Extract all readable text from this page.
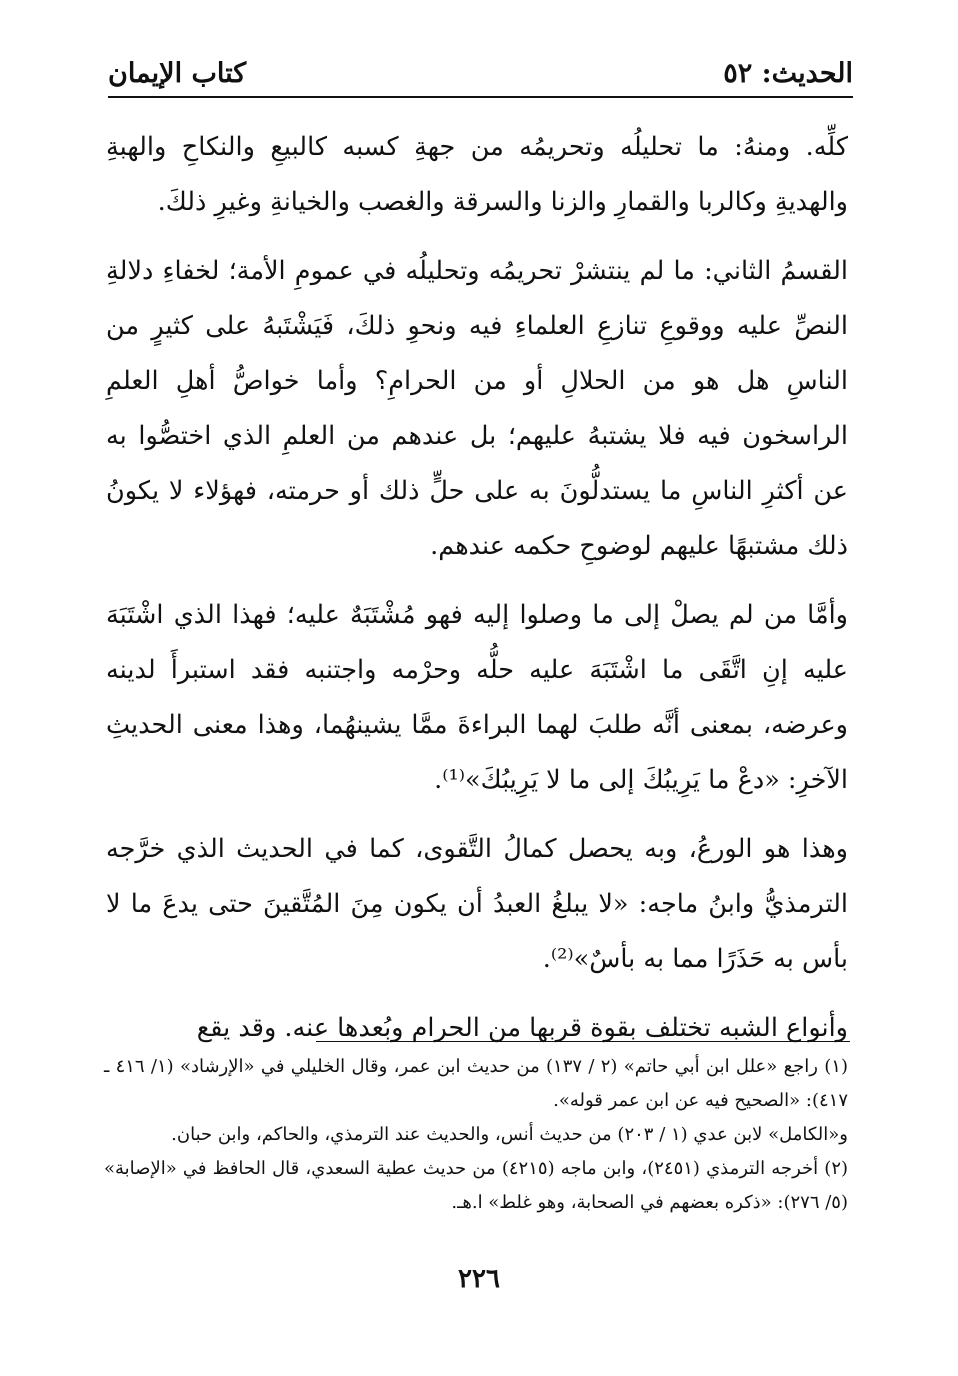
الحديث: ٥٢
كتاب الإيمان

كلِّه. ومنهُ: ما تحليلُه وتحريمُه من جهةِ كسبه كالبيعِ والنكاحِ والهبةِ والهديةِ وكالربا والقمارِ والزنا والسرقة والغصب والخيانةِ وغيرِ ذلكَ.

القسمُ الثاني: ما لم ينتشرْ تحريمُه وتحليلُه في عمومِ الأمة؛ لخفاءِ دلالةِ النصِّ عليه ووقوعِ تنازعِ العلماءِ فيه ونحوِ ذلكَ، فَيَشْتَبهُ على كثيرٍ من الناسِ هل هو من الحلالِ أو من الحرامِ؟ وأما خواصُّ أهلِ العلمِ الراسخون فيه فلا يشتبهُ عليهم؛ بل عندهم من العلمِ الذي اختصُّوا به عن أكثرِ الناسِ ما يستدلُّونَ به على حلٍّ ذلك أو حرمته، فهؤلاء لا يكونُ ذلك مشتبهًا عليهم لوضوحِ حكمه عندهم.

وأمَّا من لم يصلْ إلى ما وصلوا إليه فهو مُشْتَبَهٌ عليه؛ فهذا الذي اشْتَبَهَ عليه إنِ اتَّقَى ما اشْتَبَهَ عليه حلُّه وحرْمه واجتنبه فقد استبرأَ لدينه وعرضه، بمعنى أنَّه طلبَ لهما البراءةَ ممَّا يشينهُما، وهذا معنى الحديثِ الآخرِ: «دعْ ما يَرِيبُكَ إلى ما لا يَرِيبُكَ»⁽¹⁾.

وهذا هو الورعُ، وبه يحصل كمالُ التَّقوى، كما في الحديث الذي خرَّجه الترمذيُّ وابنُ ماجه: «لا يبلغُ العبدُ أن يكون مِنَ المُتَّقينَ حتى يدعَ ما لا بأس به حَذَرًا مما به بأسٌ»⁽²⁾.

وأنواع الشبه تختلف بقوة قربها من الحرام وبُعدها عنه. وقد يقع

(١) راجع «علل ابن أبي حاتم» (٢ / ١٣٧) من حديث ابن عمر، وقال الخليلي في «الإرشاد» (١/ ٤١٦ ـ ٤١٧): «الصحيح فيه عن ابن عمر قوله».

و«الكامل» لابن عدي (١ / ٢٠٣) من حديث أنس، والحديث عند الترمذي، والحاكم، وابن حبان.

(٢) أخرجه الترمذي (٢٤٥١)، وابن ماجه (٤٢١٥) من حديث عطية السعدي، قال الحافظ في «الإصابة» (٥/ ٢٧٦): «ذكره بعضهم في الصحابة، وهو غلط» ا.هـ.

٢٢٦
